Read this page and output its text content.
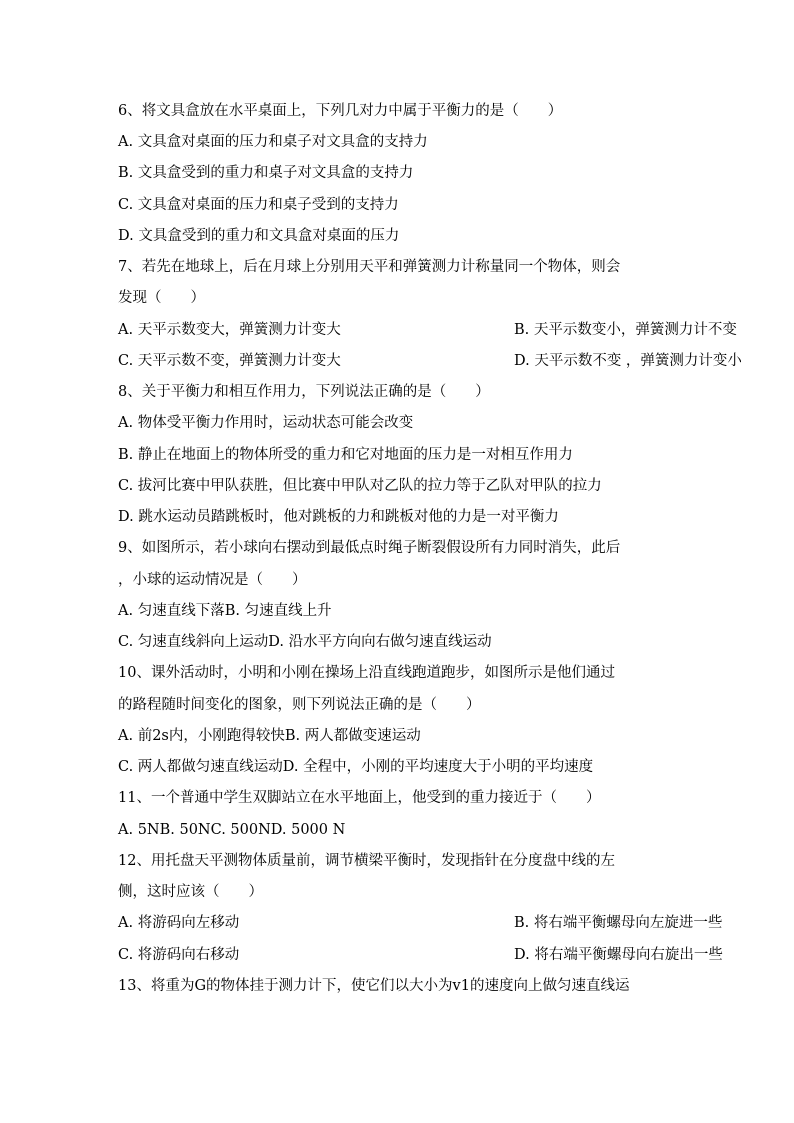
6、将文具盒放在水平桌面上，下列几对力中属于平衡力的是（　　）
A. 文具盒对桌面的压力和桌子对文具盒的支持力
B. 文具盒受到的重力和桌子对文具盒的支持力
C. 文具盒对桌面的压力和桌子受到的支持力
D. 文具盒受到的重力和文具盒对桌面的压力
7、若先在地球上，后在月球上分别用天平和弹簧测力计称量同一个物体，则会
发现（　　）
A. 天平示数变大，弹簧测力计变大	B. 天平示数变小，弹簧测力计不变
C. 天平示数不变，弹簧测力计变大	D. 天平示数不变 ，弹簧测力计变小
8、关于平衡力和相互作用力，下列说法正确的是（　　）
A. 物体受平衡力作用时，运动状态可能会改变
B. 静止在地面上的物体所受的重力和它对地面的压力是一对相互作用力
C. 拔河比赛中甲队获胜，但比赛中甲队对乙队的拉力等于乙队对甲队的拉力
D. 跳水运动员踏跳板时，他对跳板的力和跳板对他的力是一对平衡力
9、如图所示，若小球向右摆动到最低点时绳子断裂假设所有力同时消失，此后
，小球的运动情况是（　　）
A. 匀速直线下落B. 匀速直线上升
C. 匀速直线斜向上运动D. 沿水平方向向右做匀速直线运动
10、课外活动时，小明和小刚在操场上沿直线跑道跑步，如图所示是他们通过
的路程随时间变化的图象，则下列说法正确的是（　　）
A. 前2s内，小刚跑得较快B. 两人都做变速运动
C. 两人都做匀速直线运动D. 全程中，小刚的平均速度大于小明的平均速度
11、一个普通中学生双脚站立在水平地面上，他受到的重力接近于（　　）
A. 5NB. 50NC. 500ND. 5000 N
12、用托盘天平测物体质量前，调节横梁平衡时，发现指针在分度盘中线的左
侧，这时应该（　　）
A. 将游码向左移动	B. 将右端平衡螺母向左旋进一些
C. 将游码向右移动	D. 将右端平衡螺母向右旋出一些
13、将重为G的物体挂于测力计下，使它们以大小为v1的速度向上做匀速直线运
